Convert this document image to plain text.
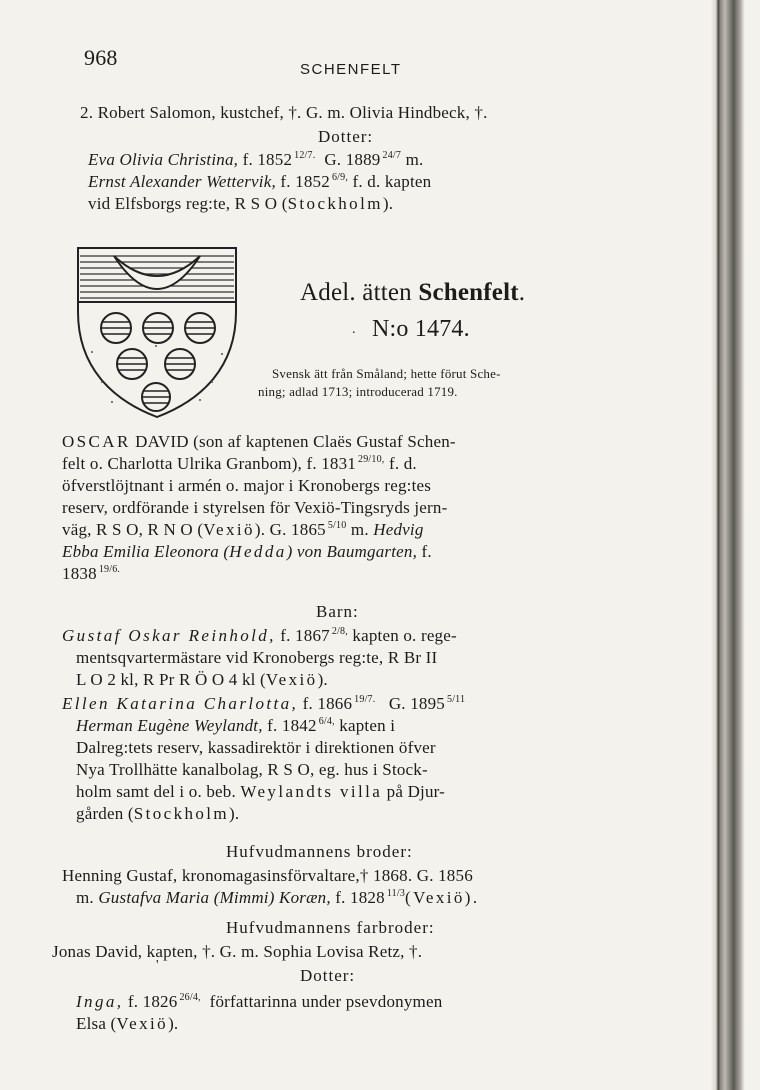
968	SCHENFELT
2. Robert Salomon, kustchef, †. G. m. Olivia Hindbeck, †.
Dotter:
Eva Olivia Christina, f. 1852 $^{12/7.}$ G. 1889 $^{24/7}$ m.
Ernst Alexander Wettervik, f. 1852 $^{6/9,}$ f. d. kapten
vid Elfsborgs reg:te, R S O (Stockholm).
Adel. ätten Schenfelt.
. N:o 1474.
Svensk ätt från Småland; hette förut Sche-
ning; adlad 1713; introducerad 1719.
OSCAR DAVID (son af kaptenen Claës Gustaf Schen-
felt o. Charlotta Ulrika Granbom), f. 1831 $^{29/10,}$ f. d.
öfverstlöjtnant i armén o. major i Kronobergs reg:tes
reserv, ordförande i styrelsen för Vexiö-Tingsryds jern-
väg, R S O, R N O (Vexiö). G. 1865 $^{5/10}$ m. Hedvig
Ebba Emilia Eleonora (Hedda) von Baumgarten, f.
1838 $^{19/6.}$
Barn:
Gustaf Oskar Reinhold, f. 1867 $^{2/8,}$ kapten o. rege-
mentsqvartermästare vid Kronobergs reg:te, R Br II
L O 2 kl, R Pr R Ö O 4 kl (Vexiö).
Ellen Katarina Charlotta, f. 1866 $^{19/7.}$ G. 1895 $^{5/11}$
Herman Eugène Weylandt, f. 1842 $^{6/4,}$ kapten i
Dalreg:tets reserv, kassadirektör i direktionen öfver
Nya Trollhätte kanalbolag, R S O, eg. hus i Stock-
holm samt del i o. beb. Weylandts villa på Djur-
gården (Stockholm).
Hufvudmannens broder:
Henning Gustaf, kronomagasinsförvaltare,† 1868. G. 1856
m. Gustafva Maria (Mimmi) Koræn, f. 1828 $^{11/3}$(Vexiö).
Hufvudmannens farbroder:
Jonas David, kapten, †. G. m. Sophia Lovisa Retz, †.
'
Dotter:
Inga, f. 1826 $^{26/4,}$ författarinna under psevdonymen
Elsa (Vexiö).
